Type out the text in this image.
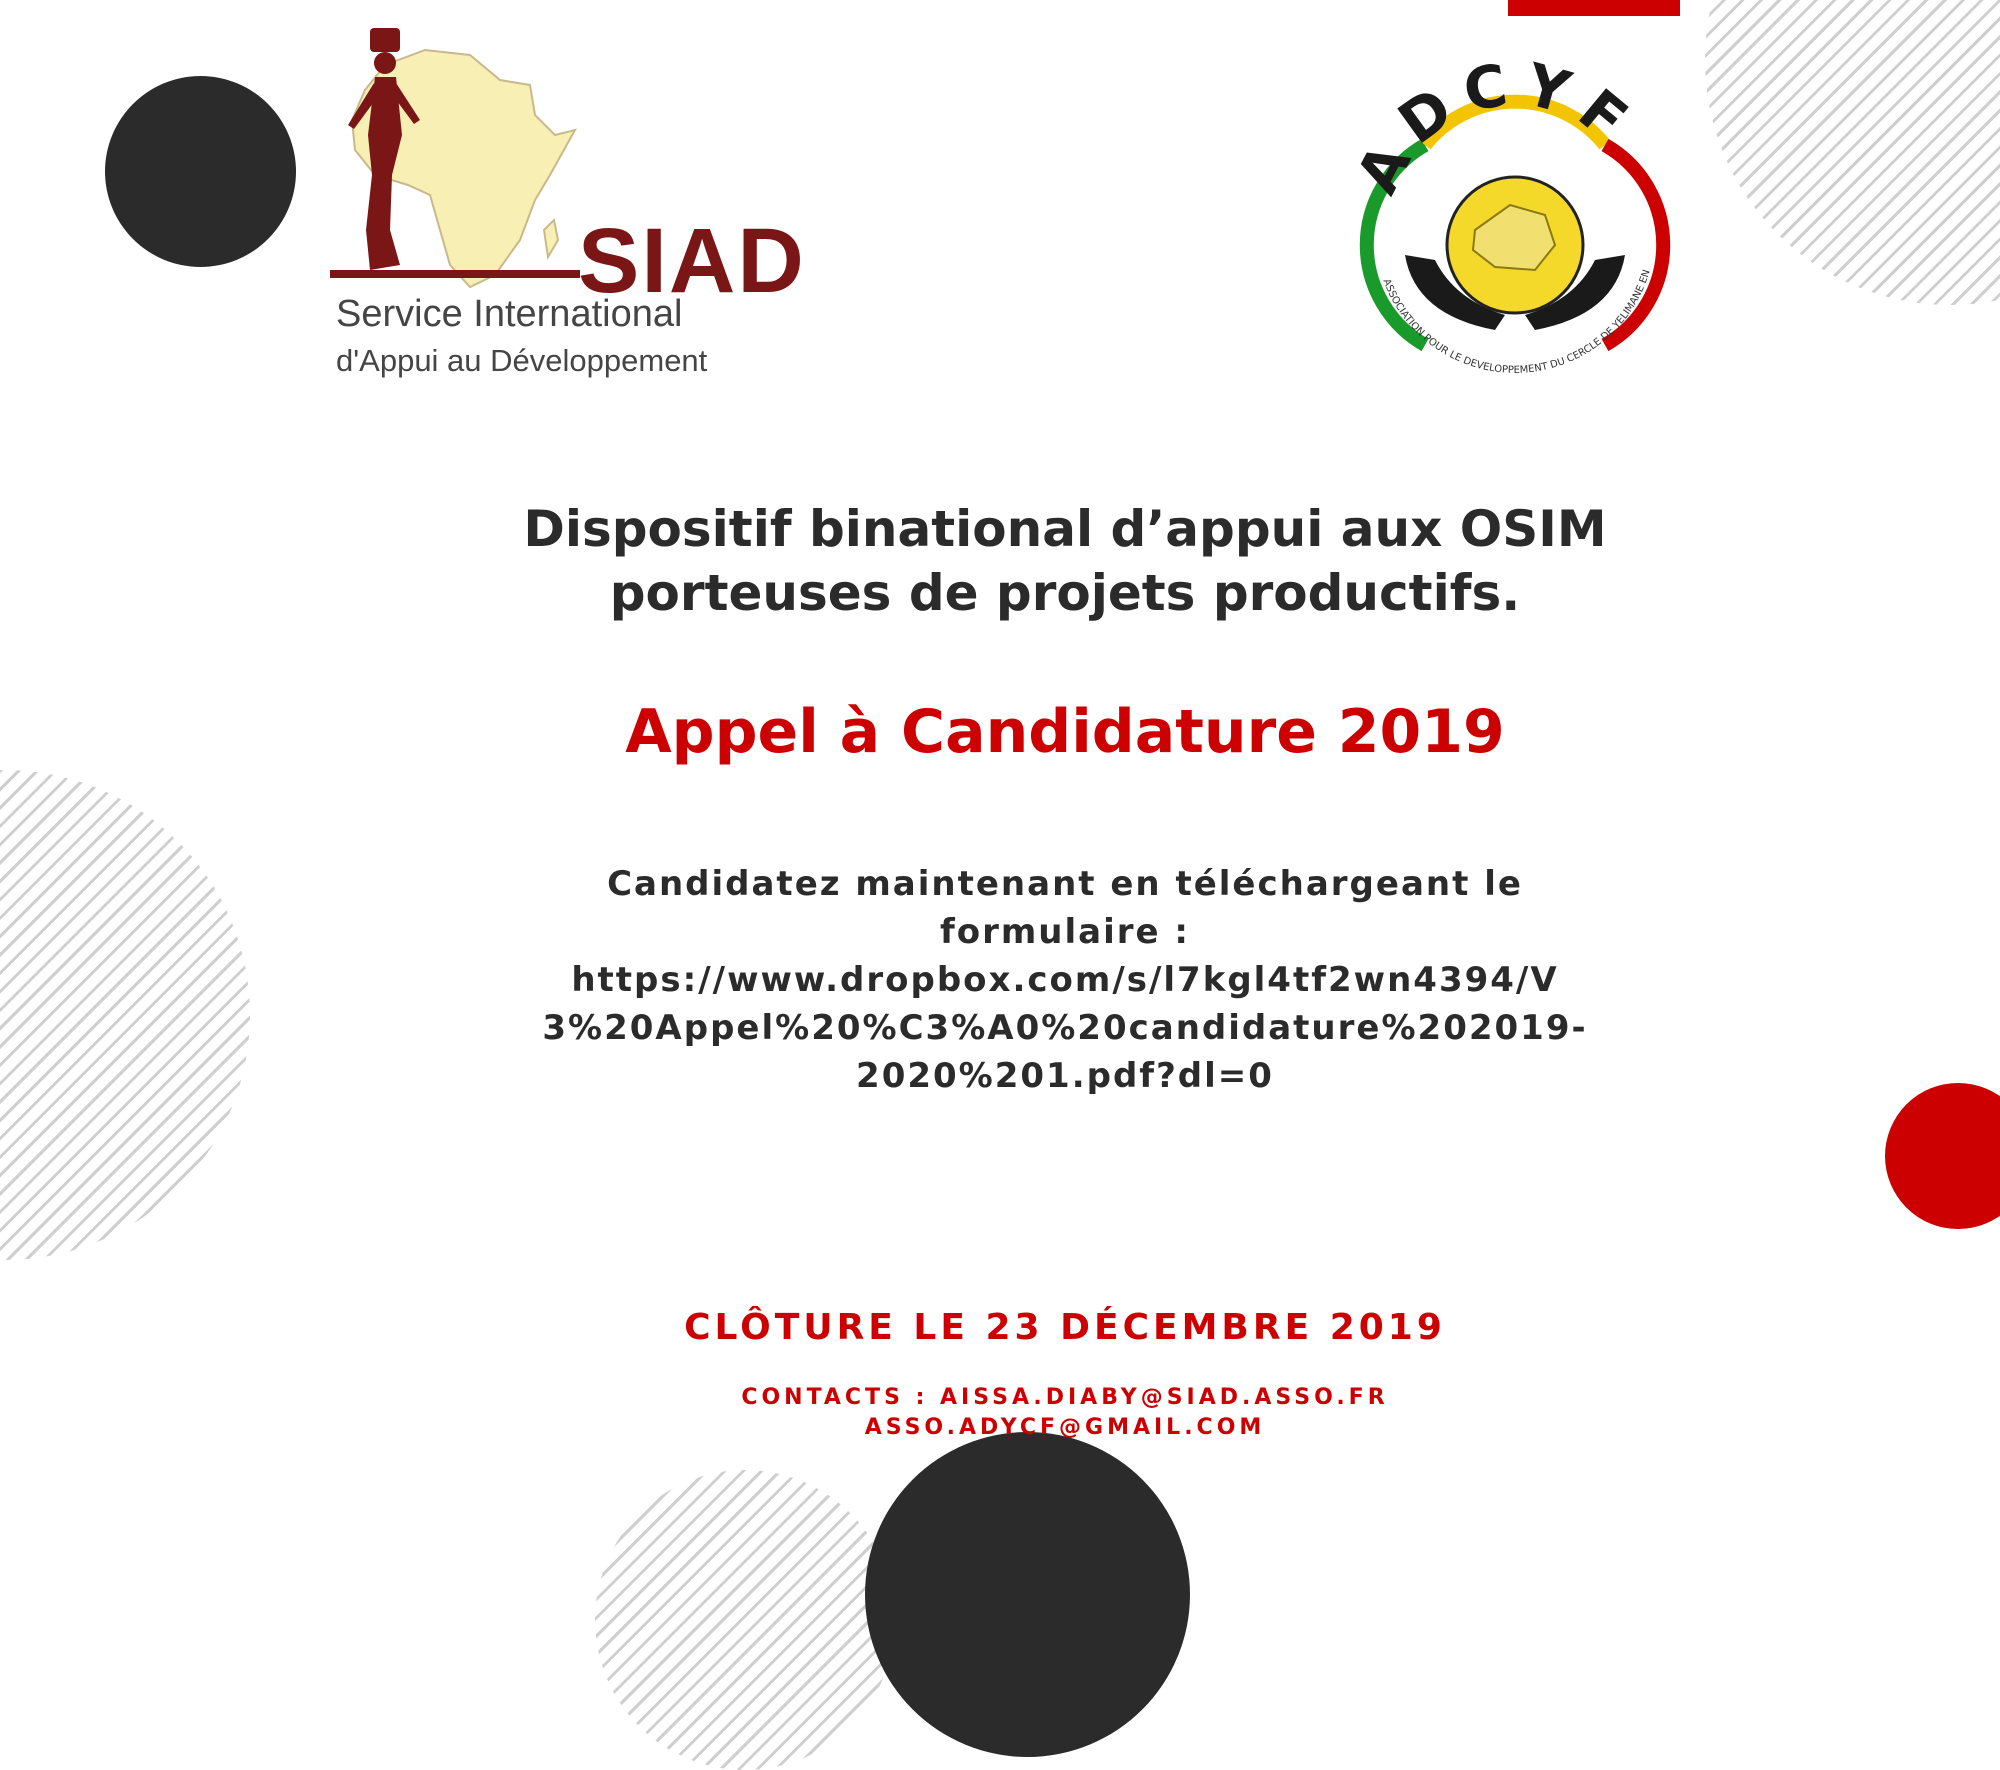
SIAD
Service International
d'Appui au Développement
ASSOCIATION POUR LE DEVELOPPEMENT DU CERCLE DE YELIMANE EN
ADCYF
Dispositif binational d’appui aux OSIM
porteuses de projets productifs.
Appel à Candidature 2019
Candidatez maintenant en téléchargeant le
formulaire :
https://www.dropbox.com/s/l7kgl4tf2wn4394/V
3%20Appel%20%C3%A0%20candidature%202019-
2020%201.pdf?dl=0
CLÔTURE LE 23 DÉCEMBRE 2019
CONTACTS : AISSA.DIABY@SIAD.ASSO.FR
ASSO.ADYCF@GMAIL.COM
